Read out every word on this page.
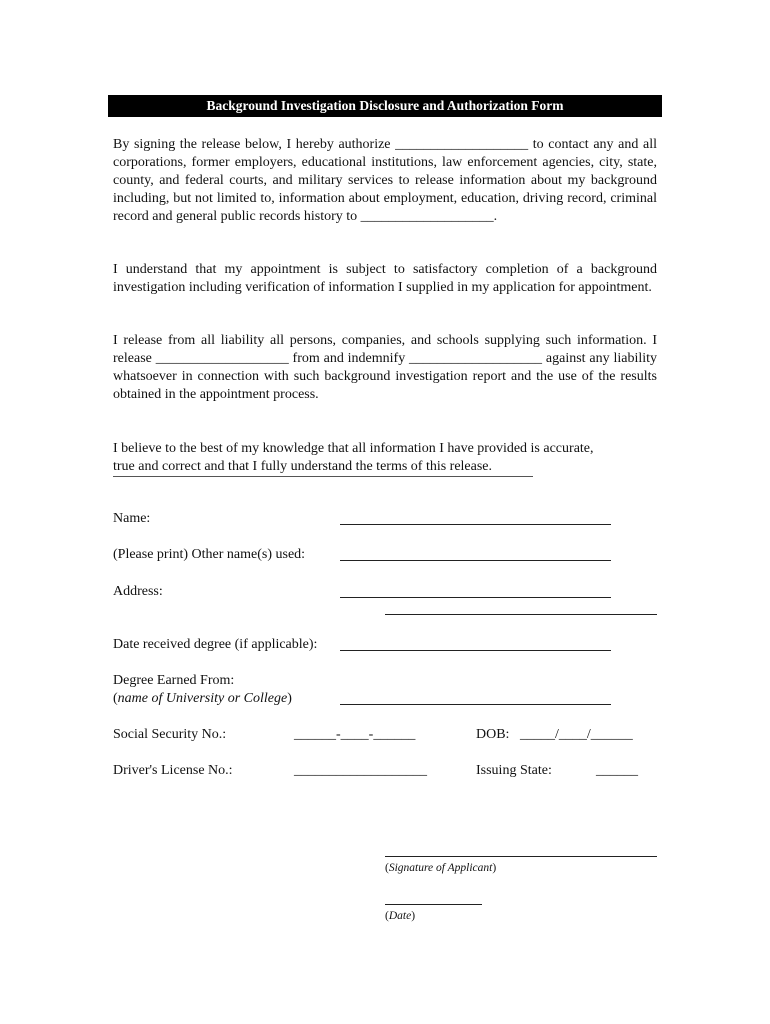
Background Investigation Disclosure and Authorization Form
By signing the release below, I hereby authorize ___________________ to contact any and all corporations, former employers, educational institutions, law enforcement agencies, city, state, county, and federal courts, and military services to release information about my background including, but not limited to, information about employment, education, driving record, criminal record and general public records history to ___________________.
I understand that my appointment is subject to satisfactory completion of a background investigation including verification of information I supplied in my application for appointment.
I release from all liability all persons, companies, and schools supplying such information. I release ___________________ from and indemnify ___________________ against any liability whatsoever in connection with such background investigation report and the use of the results obtained in the appointment process.
I believe to the best of my knowledge that all information I have provided is accurate,
true and correct and that I fully understand the terms of this release.
Name:
(Please print) Other name(s) used:
Address:
Date received degree (if applicable):
Degree Earned From:
(name of University or College)
Social Security No.:	______-____-______	DOB: _____/____/______
Driver's License No.:	___________________	Issuing State:	______
(Signature of Applicant)
(Date)
